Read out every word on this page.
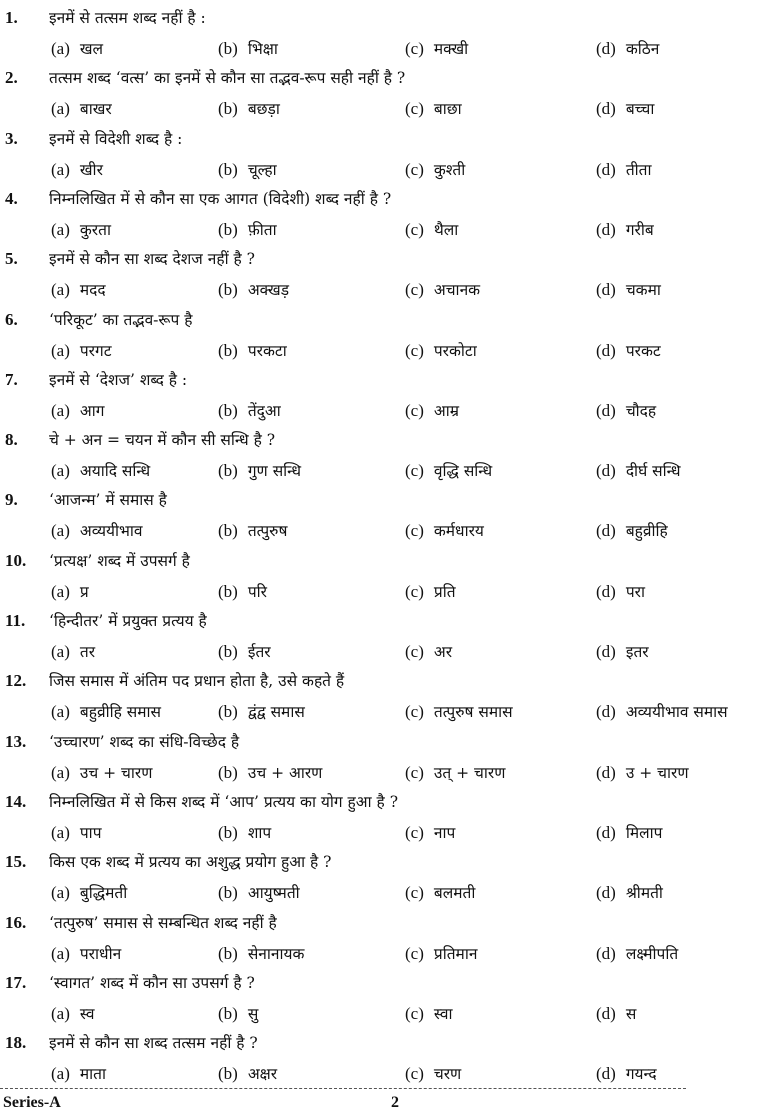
1. इनमें से तत्सम शब्द नहीं है :
(a) खल	(b) भिक्षा	(c) मक्खी	(d) कठिन
2. तत्सम शब्द ‘वत्स’ का इनमें से कौन सा तद्भव-रूप सही नहीं है ?
(a) बाखर	(b) बछड़ा	(c) बाछा	(d) बच्चा
3. इनमें से विदेशी शब्द है :
(a) खीर	(b) चूल्हा	(c) कुश्ती	(d) तीता
4. निम्नलिखित में से कौन सा एक आगत (विदेशी) शब्द नहीं है ?
(a) कुरता	(b) फ़ीता	(c) थैला	(d) गरीब
5. इनमें से कौन सा शब्द देशज नहीं है ?
(a) मदद	(b) अक्खड़	(c) अचानक	(d) चकमा
6. ‘परिकूट’ का तद्भव-रूप है
(a) परगट	(b) परकटा	(c) परकोटा	(d) परकट
7. इनमें से ‘देशज’ शब्द है :
(a) आग	(b) तेंदुआ	(c) आम्र	(d) चौदह
8. चे + अन = चयन में कौन सी सन्धि है ?
(a) अयादि सन्धि	(b) गुण सन्धि	(c) वृद्धि सन्धि	(d) दीर्घ सन्धि
9. ‘आजन्म’ में समास है
(a) अव्ययीभाव	(b) तत्पुरुष	(c) कर्मधारय	(d) बहुव्रीहि
10. ‘प्रत्यक्ष’ शब्द में उपसर्ग है
(a) प्र	(b) परि	(c) प्रति	(d) परा
11. ‘हिन्दीतर’ में प्रयुक्त प्रत्यय है
(a) तर	(b) ईतर	(c) अर	(d) इतर
12. जिस समास में अंतिम पद प्रधान होता है, उसे कहते हैं
(a) बहुव्रीहि समास	(b) द्वंद्व समास	(c) तत्पुरुष समास	(d) अव्ययीभाव समास
13. ‘उच्चारण’ शब्द का संधि-विच्छेद है
(a) उच + चारण	(b) उच + आरण	(c) उत् + चारण	(d) उ + चारण
14. निम्नलिखित में से किस शब्द में ‘आप’ प्रत्यय का योग हुआ है ?
(a) पाप	(b) शाप	(c) नाप	(d) मिलाप
15. किस एक शब्द में प्रत्यय का अशुद्ध प्रयोग हुआ है ?
(a) बुद्धिमती	(b) आयुष्मती	(c) बलमती	(d) श्रीमती
16. ‘तत्पुरुष’ समास से सम्बन्धित शब्द नहीं है
(a) पराधीन	(b) सेनानायक	(c) प्रतिमान	(d) लक्ष्मीपति
17. ‘स्वागत’ शब्द में कौन सा उपसर्ग है ?
(a) स्व	(b) सु	(c) स्वा	(d) स
18. इनमें से कौन सा शब्द तत्सम नहीं है ?
(a) माता	(b) अक्षर	(c) चरण	(d) गयन्द
Series-A	2
